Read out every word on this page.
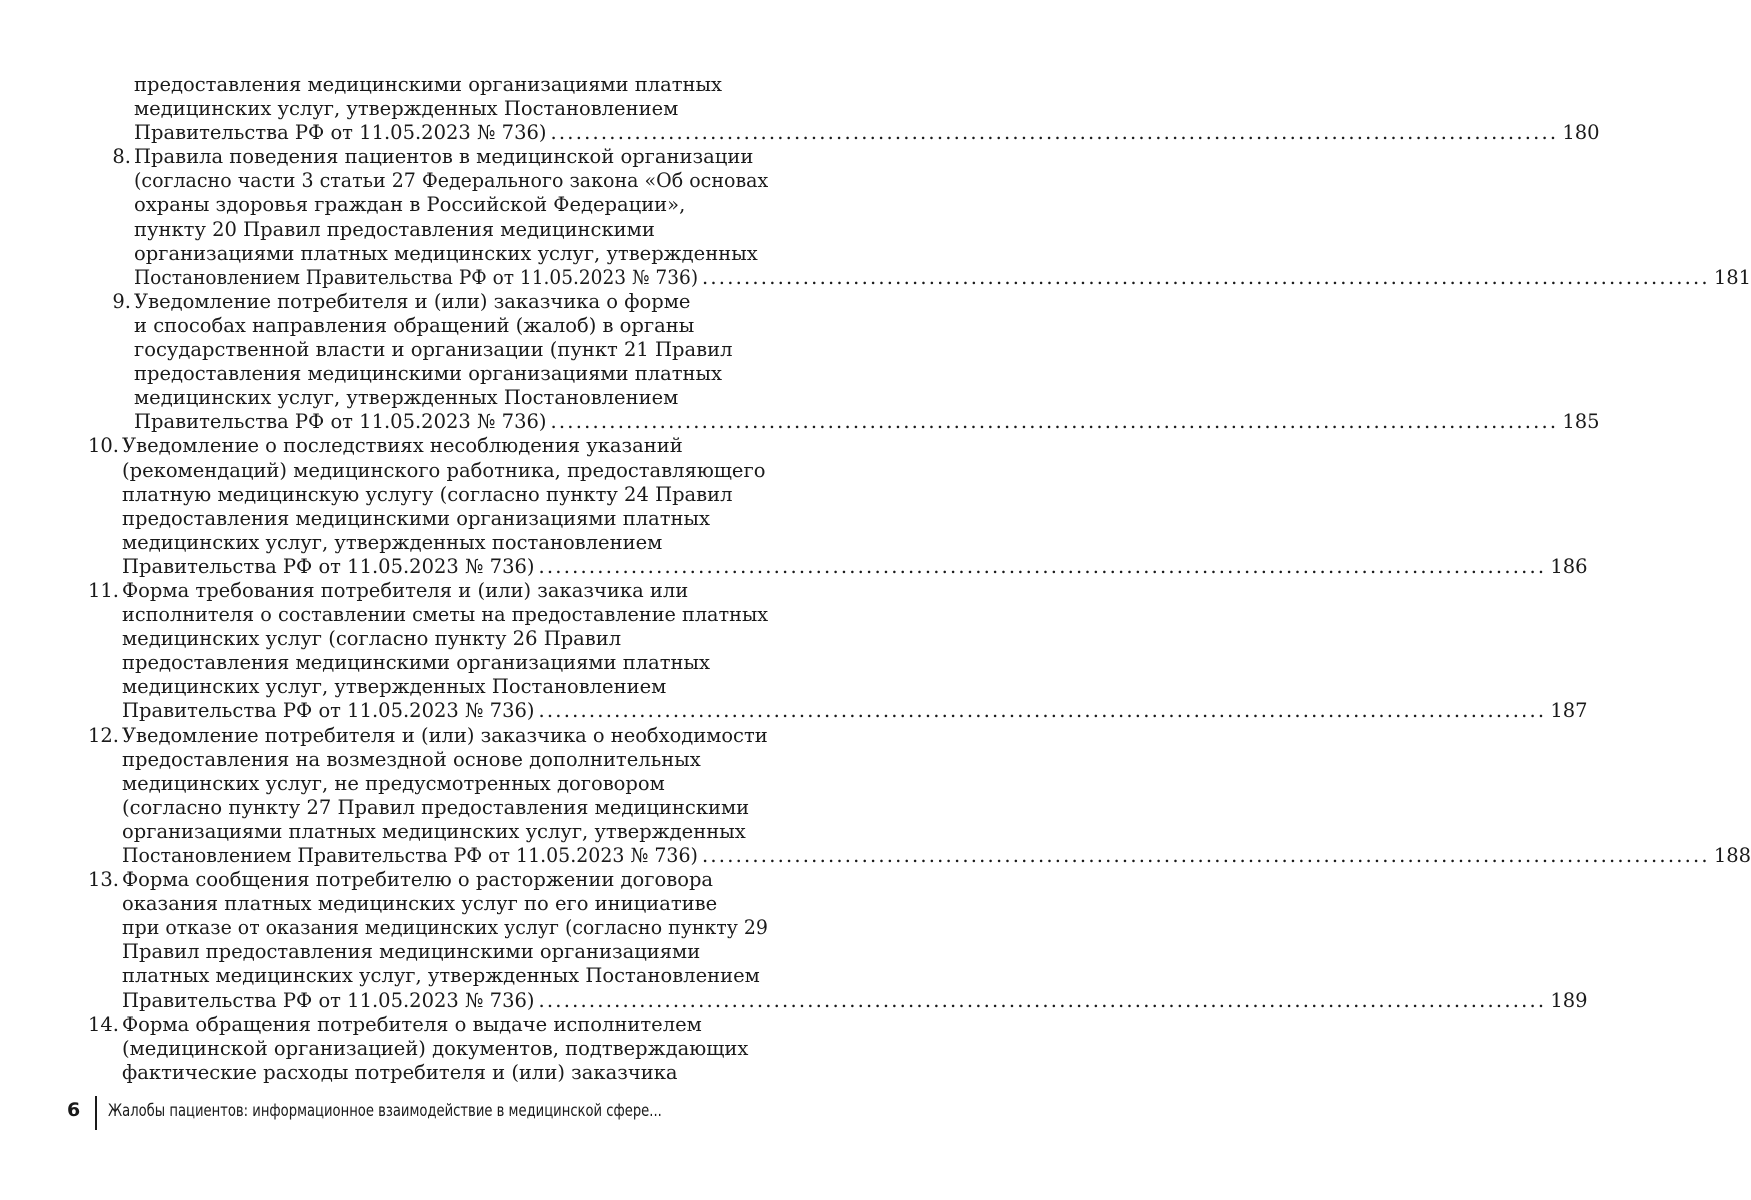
предоставления медицинскими организациями платных
медицинских услуг, утвержденных Постановлением
Правительства РФ от 11.05.2023 № 736) ........................................................................................................................ 180
8. Правила поведения пациентов в медицинской организации
(согласно части 3 статьи 27 Федерального закона «Об основах
охраны здоровья граждан в Российской Федерации»,
пункту 20 Правил предоставления медицинскими
организациями платных медицинских услуг, утвержденных
Постановлением Правительства РФ от 11.05.2023 № 736) ........................................................................................................................ 181
9. Уведомление потребителя и (или) заказчика о форме
и способах направления обращений (жалоб) в органы
государственной власти и организации (пункт 21 Правил
предоставления медицинскими организациями платных
медицинских услуг, утвержденных Постановлением
Правительства РФ от 11.05.2023 № 736) ........................................................................................................................ 185
10. Уведомление о последствиях несоблюдения указаний
(рекомендаций) медицинского работника, предоставляющего
платную медицинскую услугу (согласно пункту 24 Правил
предоставления медицинскими организациями платных
медицинских услуг, утвержденных постановлением
Правительства РФ от 11.05.2023 № 736) ........................................................................................................................ 186
11. Форма требования потребителя и (или) заказчика или
исполнителя о составлении сметы на предоставление платных
медицинских услуг (согласно пункту 26 Правил
предоставления медицинскими организациями платных
медицинских услуг, утвержденных Постановлением
Правительства РФ от 11.05.2023 № 736) ........................................................................................................................ 187
12. Уведомление потребителя и (или) заказчика о необходимости
предоставления на возмездной основе дополнительных
медицинских услуг, не предусмотренных договором
(согласно пункту 27 Правил предоставления медицинскими
организациями платных медицинских услуг, утвержденных
Постановлением Правительства РФ от 11.05.2023 № 736) ........................................................................................................................ 188
13. Форма сообщения потребителю о расторжении договора
оказания платных медицинских услуг по его инициативе
при отказе от оказания медицинских услуг (согласно пункту 29
Правил предоставления медицинскими организациями
платных медицинских услуг, утвержденных Постановлением
Правительства РФ от 11.05.2023 № 736) ........................................................................................................................ 189
14. Форма обращения потребителя о выдаче исполнителем
(медицинской организацией) документов, подтверждающих
фактические расходы потребителя и (или) заказчика
6 Жалобы пациентов: информационное взаимодействие в медицинской сфере...
